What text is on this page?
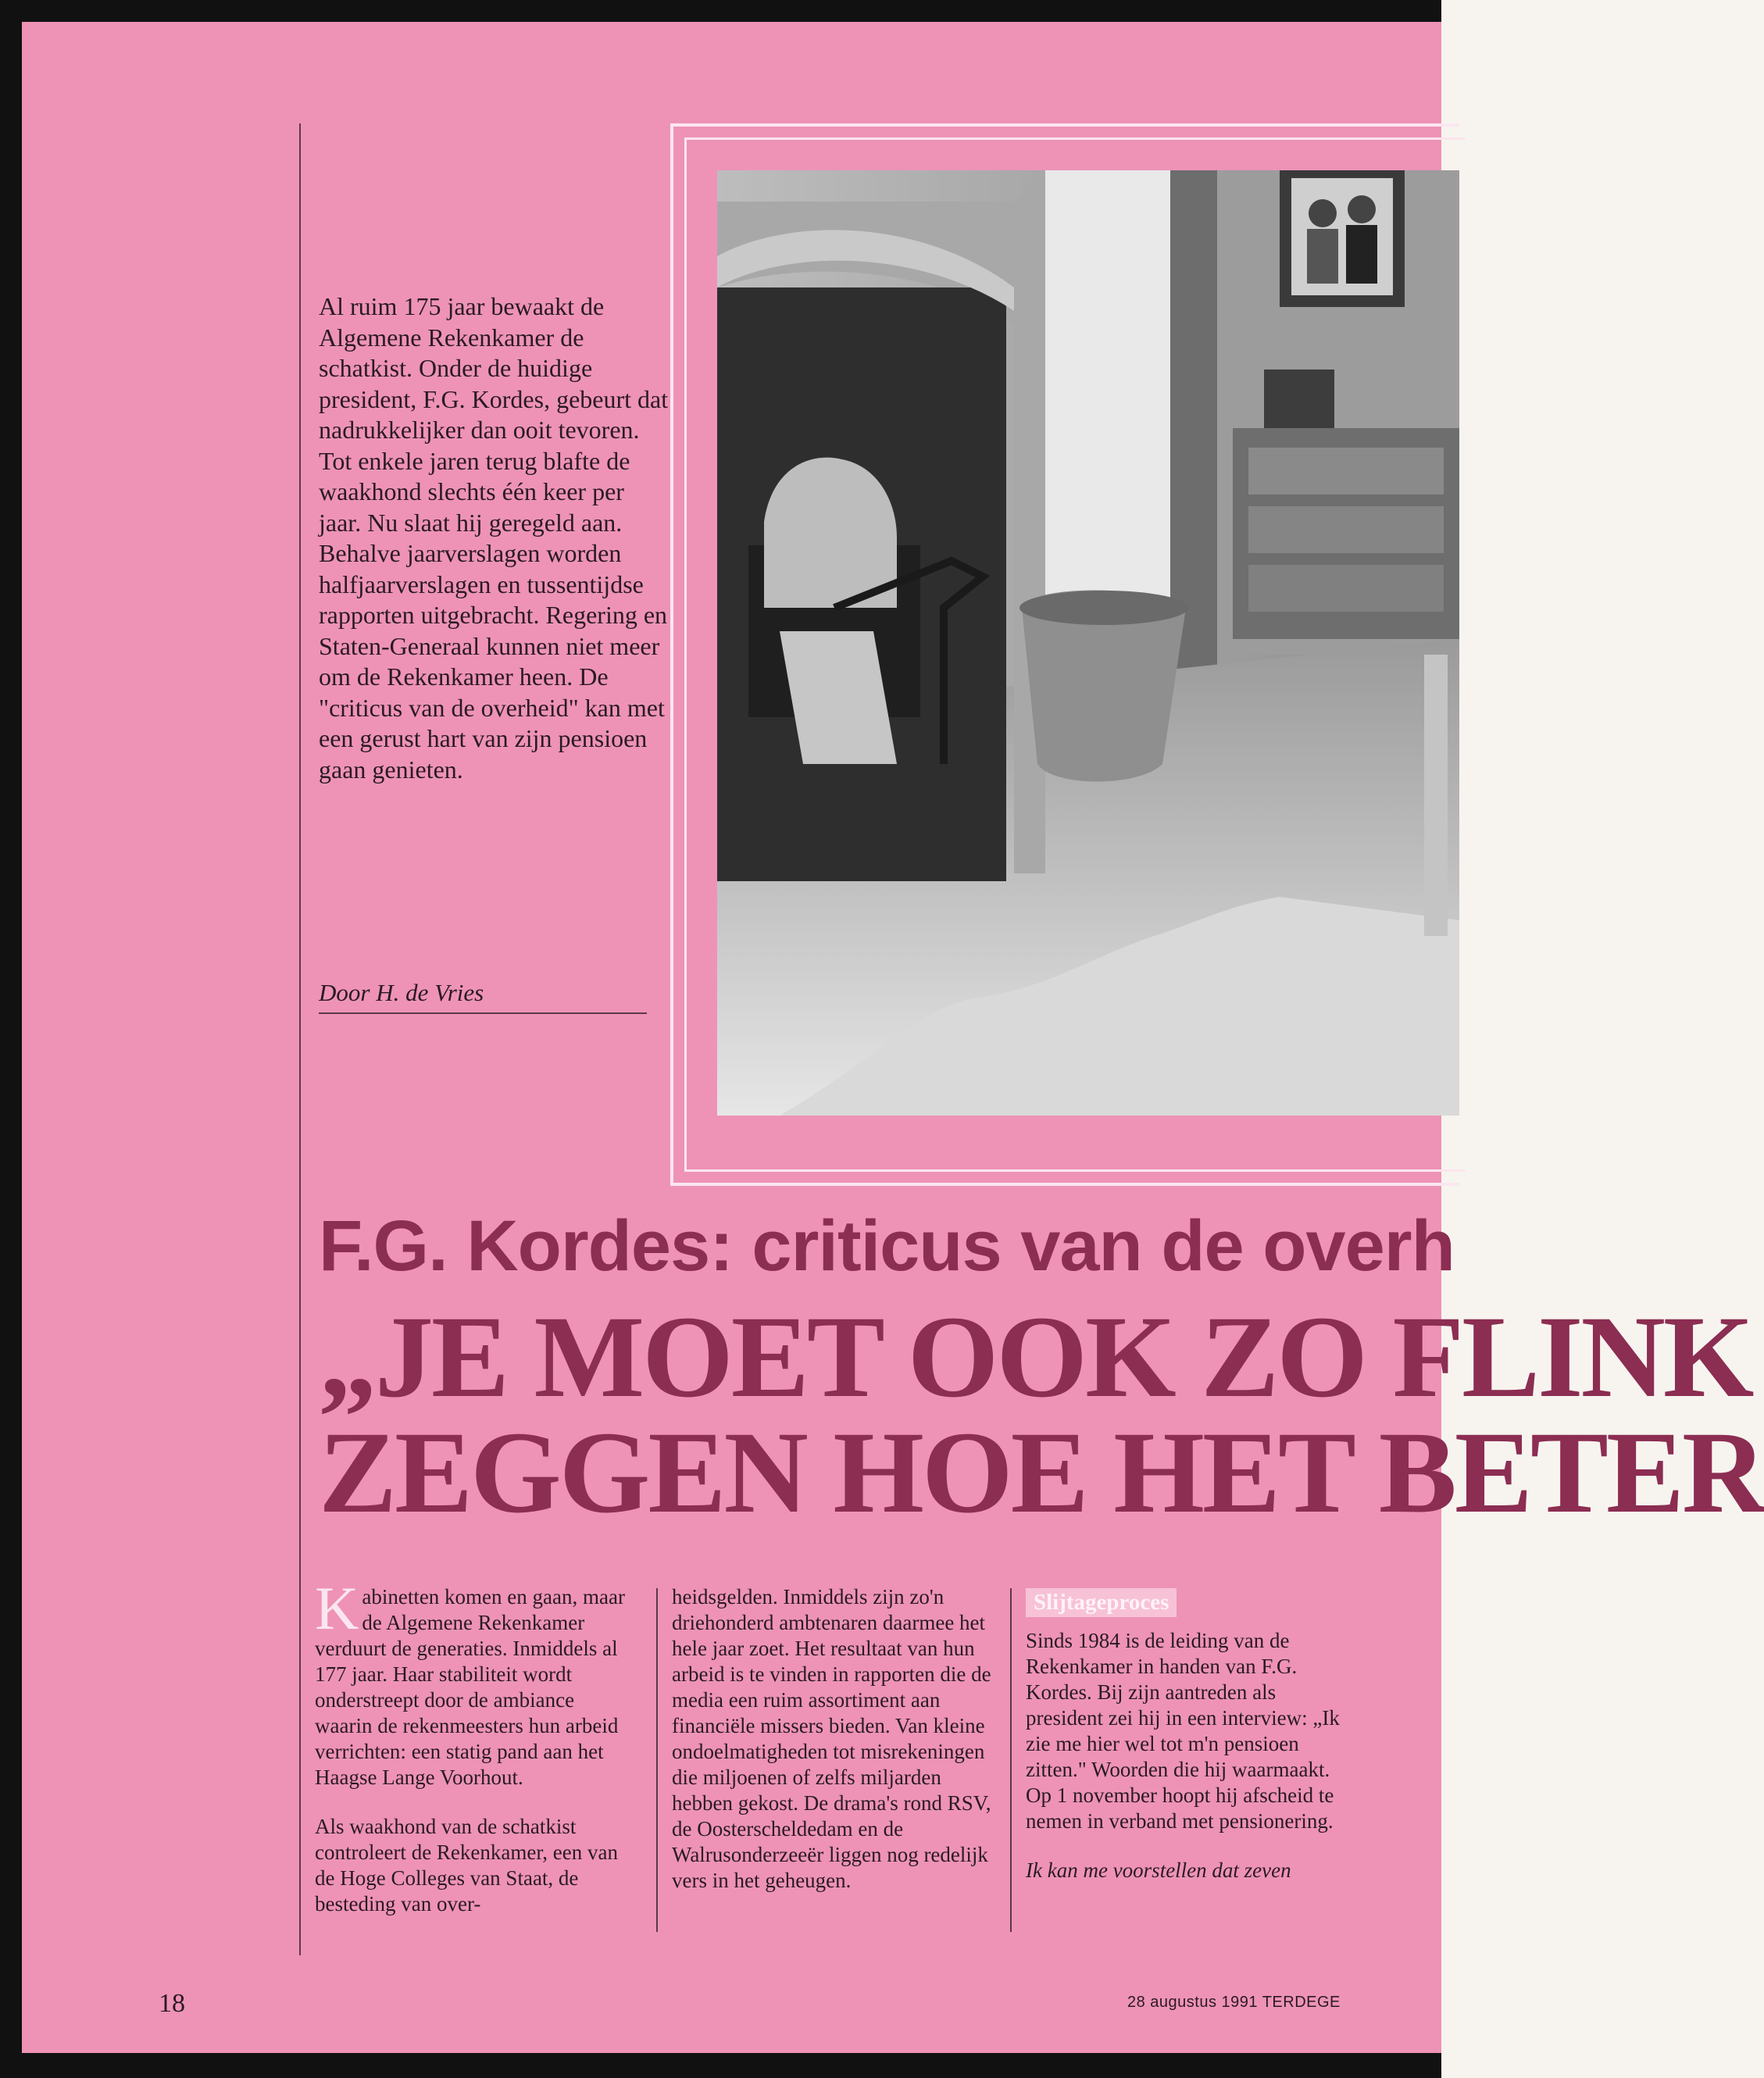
Al ruim 175 jaar bewaakt de Algemene Rekenkamer de schatkist. Onder de huidige president, F.G. Kordes, gebeurt dat nadrukkelijker dan ooit tevoren. Tot enkele jaren terug blafte de waakhond slechts één keer per jaar. Nu slaat hij geregeld aan. Behalve jaarverslagen worden halfjaarverslagen en tussentijdse rapporten uitgebracht. Regering en Staten-Generaal kunnen niet meer om de Rekenkamer heen. De "criticus van de overheid" kan met een gerust hart van zijn pensioen gaan genieten.

Door H. de Vries

F.G. Kordes: criticus van de overh
„JE MOET OOK ZO FLINK
ZEGGEN HOE HET BETER

Kabinetten komen en gaan, maar de Algemene Rekenkamer verduurt de generaties. Inmiddels al 177 jaar. Haar stabiliteit wordt onderstreept door de ambiance waarin de rekenmeesters hun arbeid verrichten: een statig pand aan het Haagse Lange Voorhout.

Als waakhond van de schatkist controleert de Rekenkamer, een van de Hoge Colleges van Staat, de besteding van over-

heidsgelden. Inmiddels zijn zo'n driehonderd ambtenaren daarmee het hele jaar zoet. Het resultaat van hun arbeid is te vinden in rapporten die de media een ruim assortiment aan financiële missers bieden. Van kleine ondoelmatigheden tot misrekeningen die miljoenen of zelfs miljarden hebben gekost. De drama's rond RSV, de Oosterscheldedam en de Walrusonderzeeër liggen nog redelijk vers in het geheugen.

Slijtageproces

Sinds 1984 is de leiding van de Rekenkamer in handen van F.G. Kordes. Bij zijn aantreden als president zei hij in een interview: „Ik zie me hier wel tot m'n pensioen zitten." Woorden die hij waarmaakt. Op 1 november hoopt hij afscheid te nemen in verband met pensionering.

Ik kan me voorstellen dat zeven

18	28 augustus 1991 TERDEGE
